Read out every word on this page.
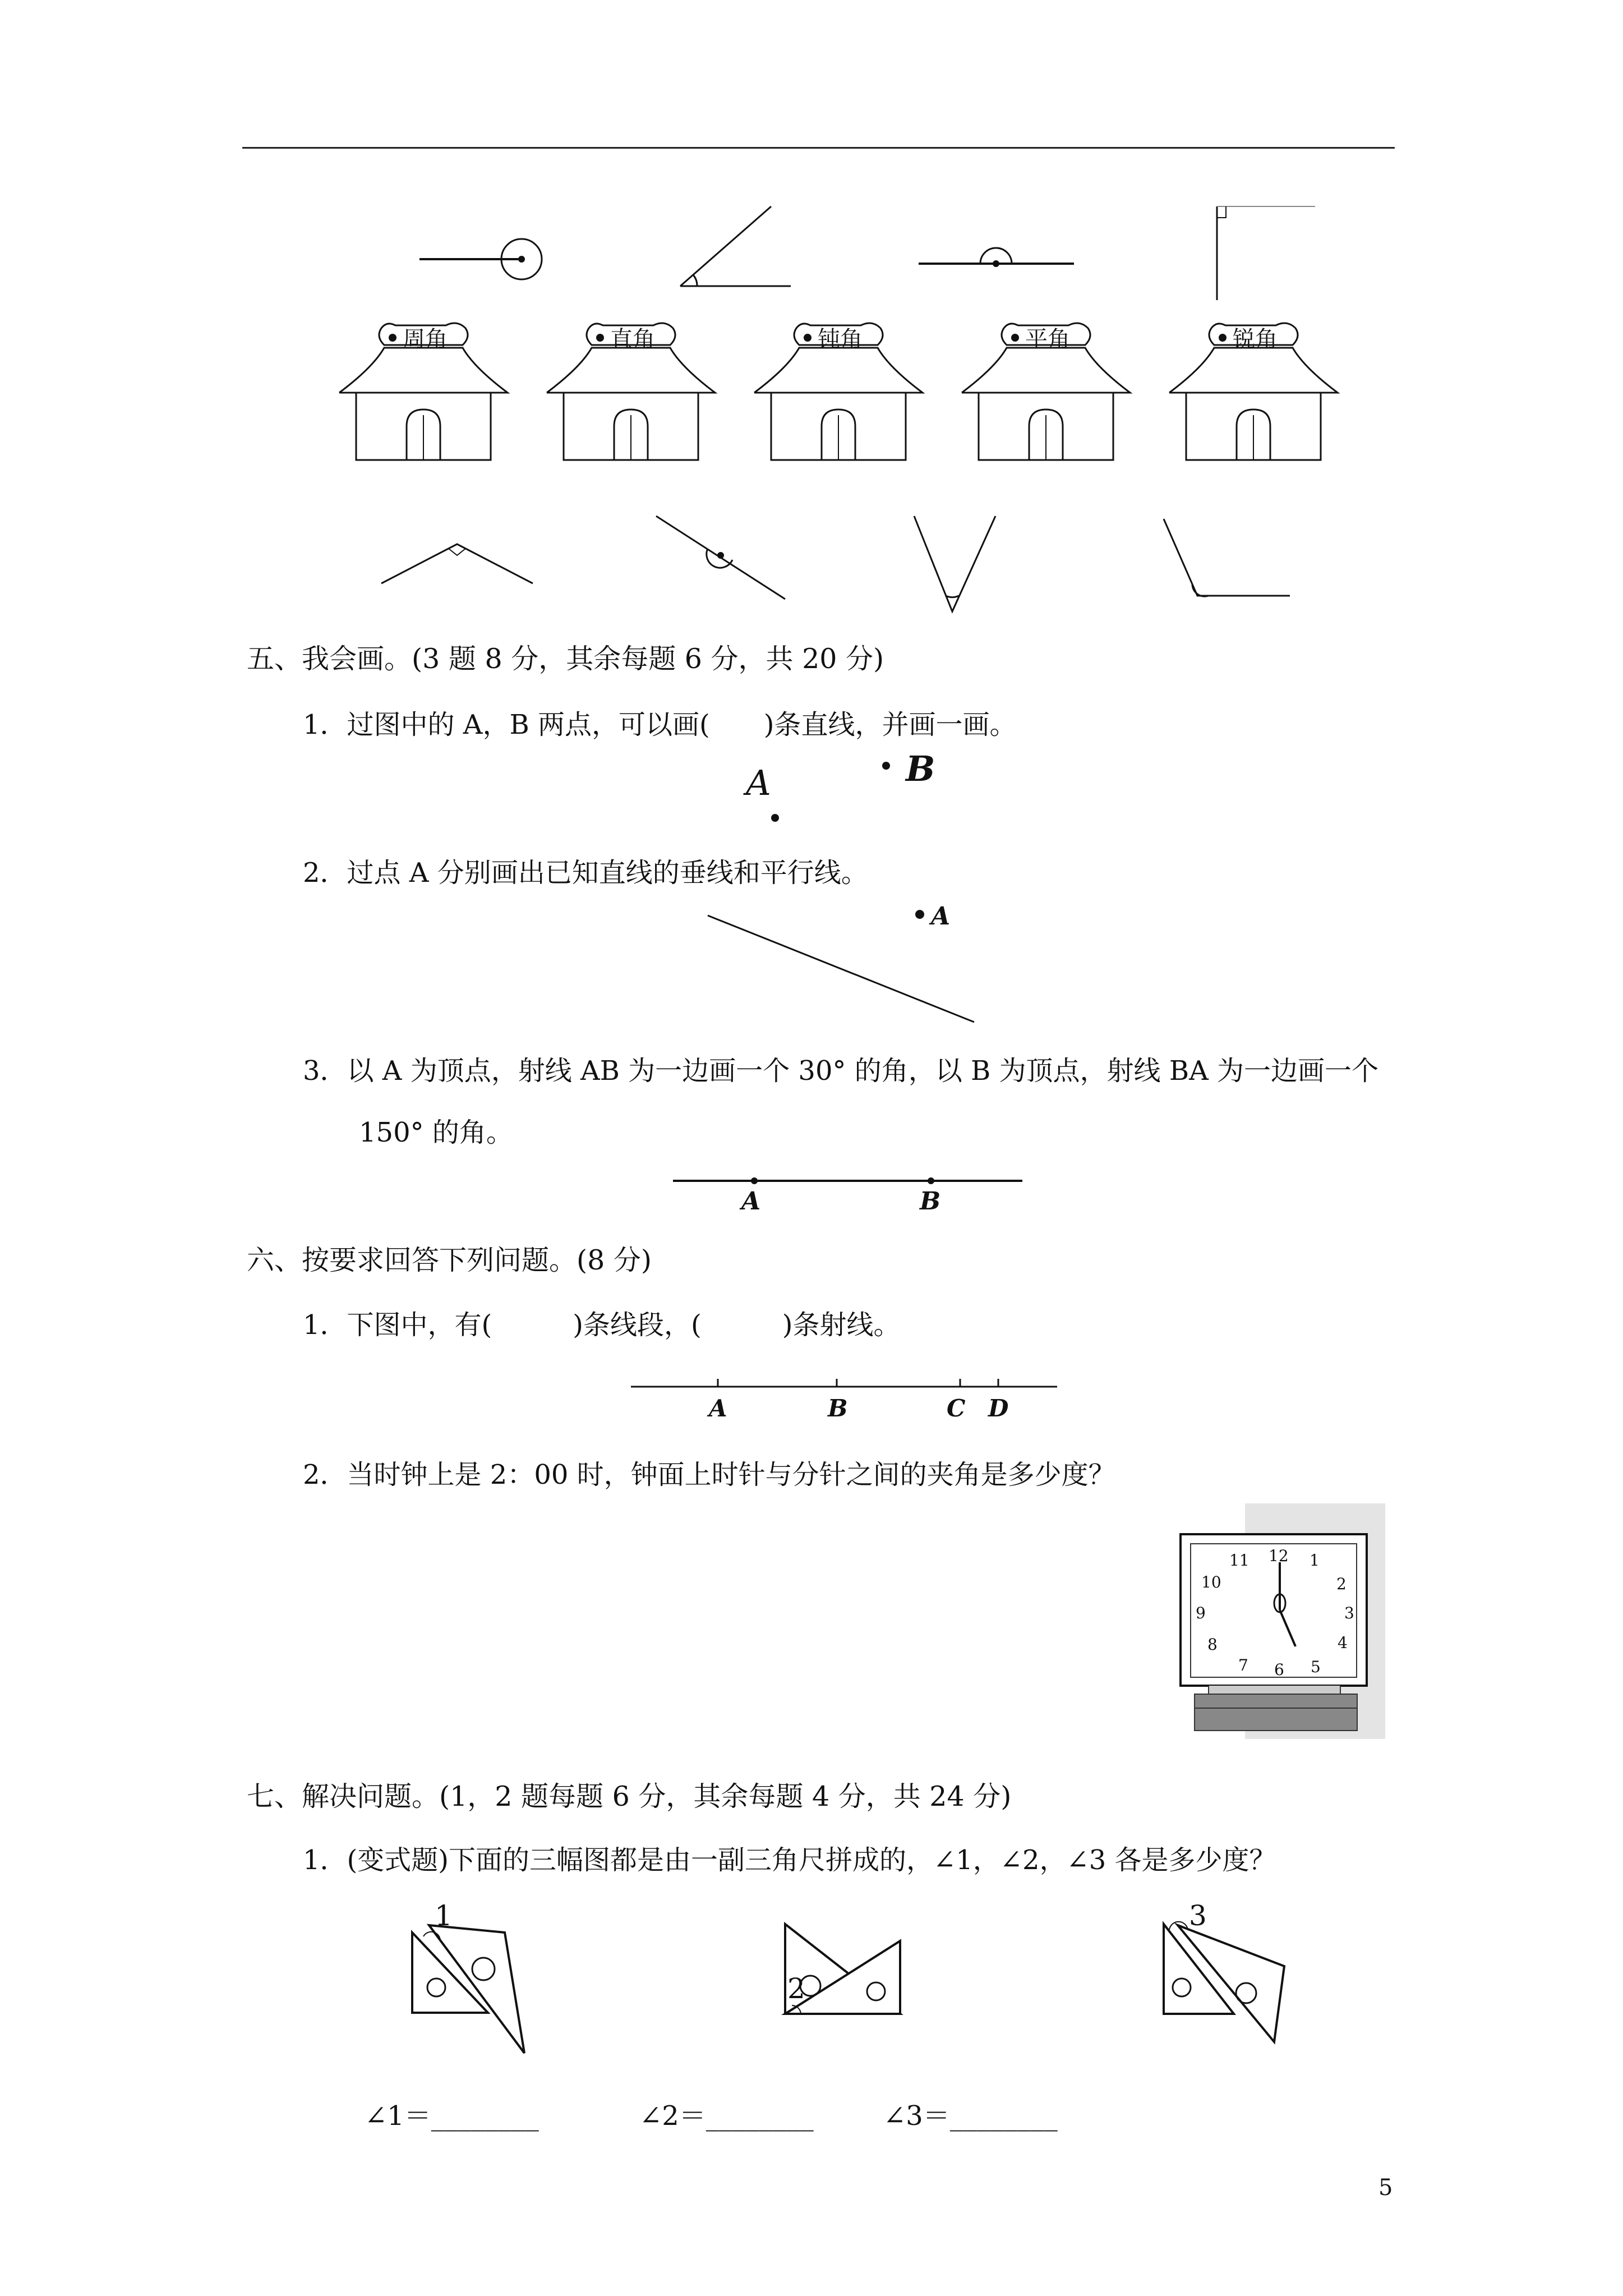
周角	直角	钝角	平角	锐角
五、我会画。(3 题 8 分，其余每题 6 分，共 20 分)
1．过图中的 A，B 两点，可以画(　　)条直线，并画一画。
A	B
2．过点 A 分别画出已知直线的垂线和平行线。
A
3．以 A 为顶点，射线 AB 为一边画一个 30° 的角，以 B 为顶点，射线 BA 为一边画一个
150° 的角。
A	B
六、按要求回答下列问题。(8 分)
1．下图中，有(　　　)条线段，(　　　)条射线。
A	B	C D
2．当时钟上是 2：00 时，钟面上时针与分针之间的夹角是多少度？
12 1
2
3
4
5
6
7
8
9
10
11
七、解决问题。(1，2 题每题 6 分，其余每题 4 分，共 24 分)
1．(变式题)下面的三幅图都是由一副三角尺拼成的，∠1，∠2，∠3 各是多少度？
1
2
3
∠1＝________	∠2＝________	∠3＝________
5
